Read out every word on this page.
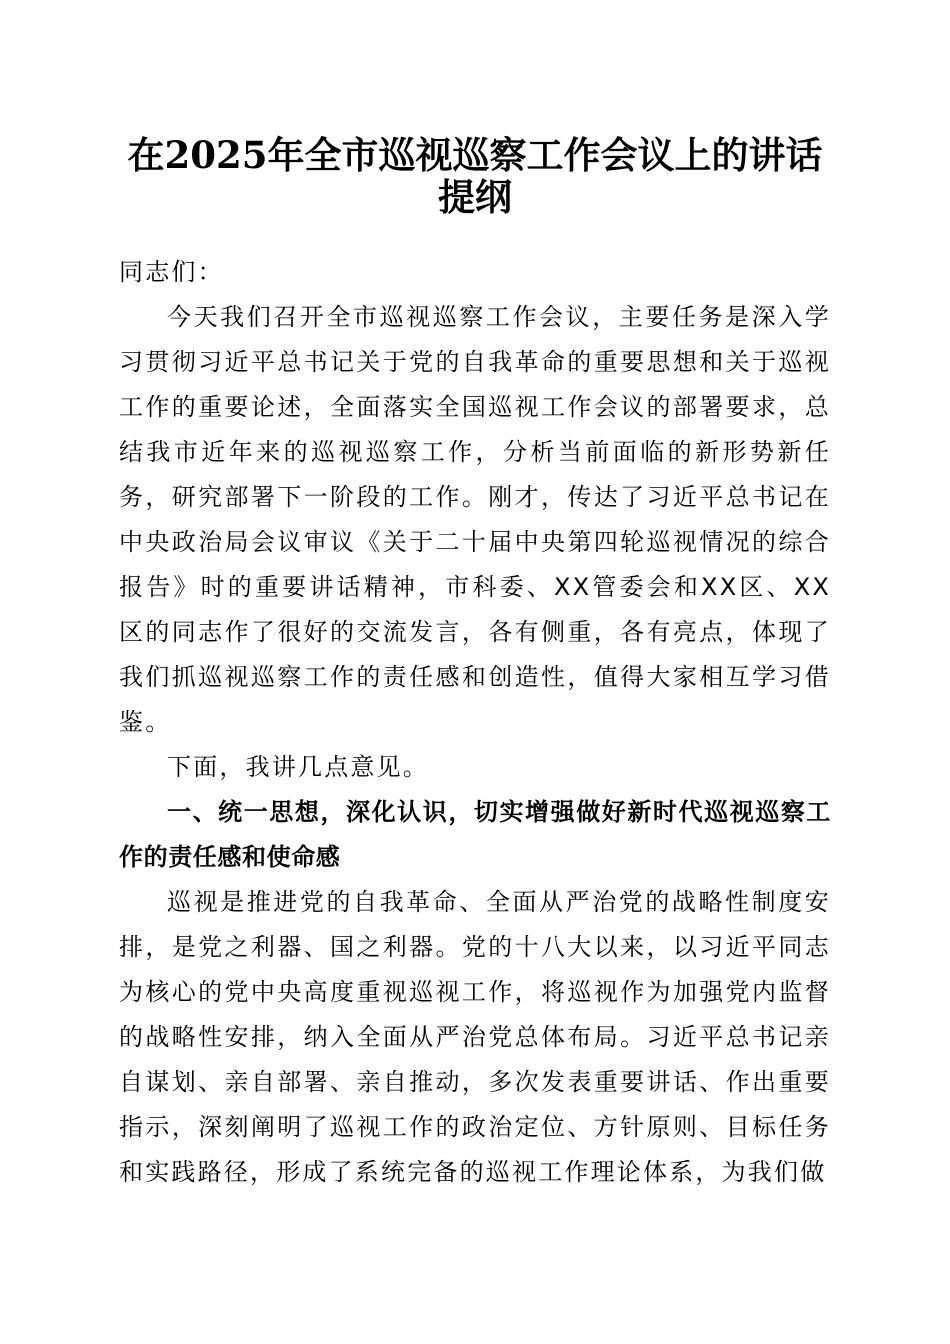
在2025年全市巡视巡察工作会议上的讲话提纲

同志们：

今天我们召开全市巡视巡察工作会议，主要任务是深入学习贯彻习近平总书记关于党的自我革命的重要思想和关于巡视工作的重要论述，全面落实全国巡视工作会议的部署要求，总结我市近年来的巡视巡察工作，分析当前面临的新形势新任务，研究部署下一阶段的工作。刚才，传达了习近平总书记在中央政治局会议审议《关于二十届中央第四轮巡视情况的综合报告》时的重要讲话精神，市科委、XX管委会和XX区、XX区的同志作了很好的交流发言，各有侧重，各有亮点，体现了我们抓巡视巡察工作的责任感和创造性，值得大家相互学习借鉴。

下面，我讲几点意见。

一、统一思想，深化认识，切实增强做好新时代巡视巡察工作的责任感和使命感

巡视是推进党的自我革命、全面从严治党的战略性制度安排，是党之利器、国之利器。党的十八大以来，以习近平同志为核心的党中央高度重视巡视工作，将巡视作为加强党内监督的战略性安排，纳入全面从严治党总体布局。习近平总书记亲自谋划、亲自部署、亲自推动，多次发表重要讲话、作出重要指示，深刻阐明了巡视工作的政治定位、方针原则、目标任务和实践路径，形成了系统完备的巡视工作理论体系，为我们做
